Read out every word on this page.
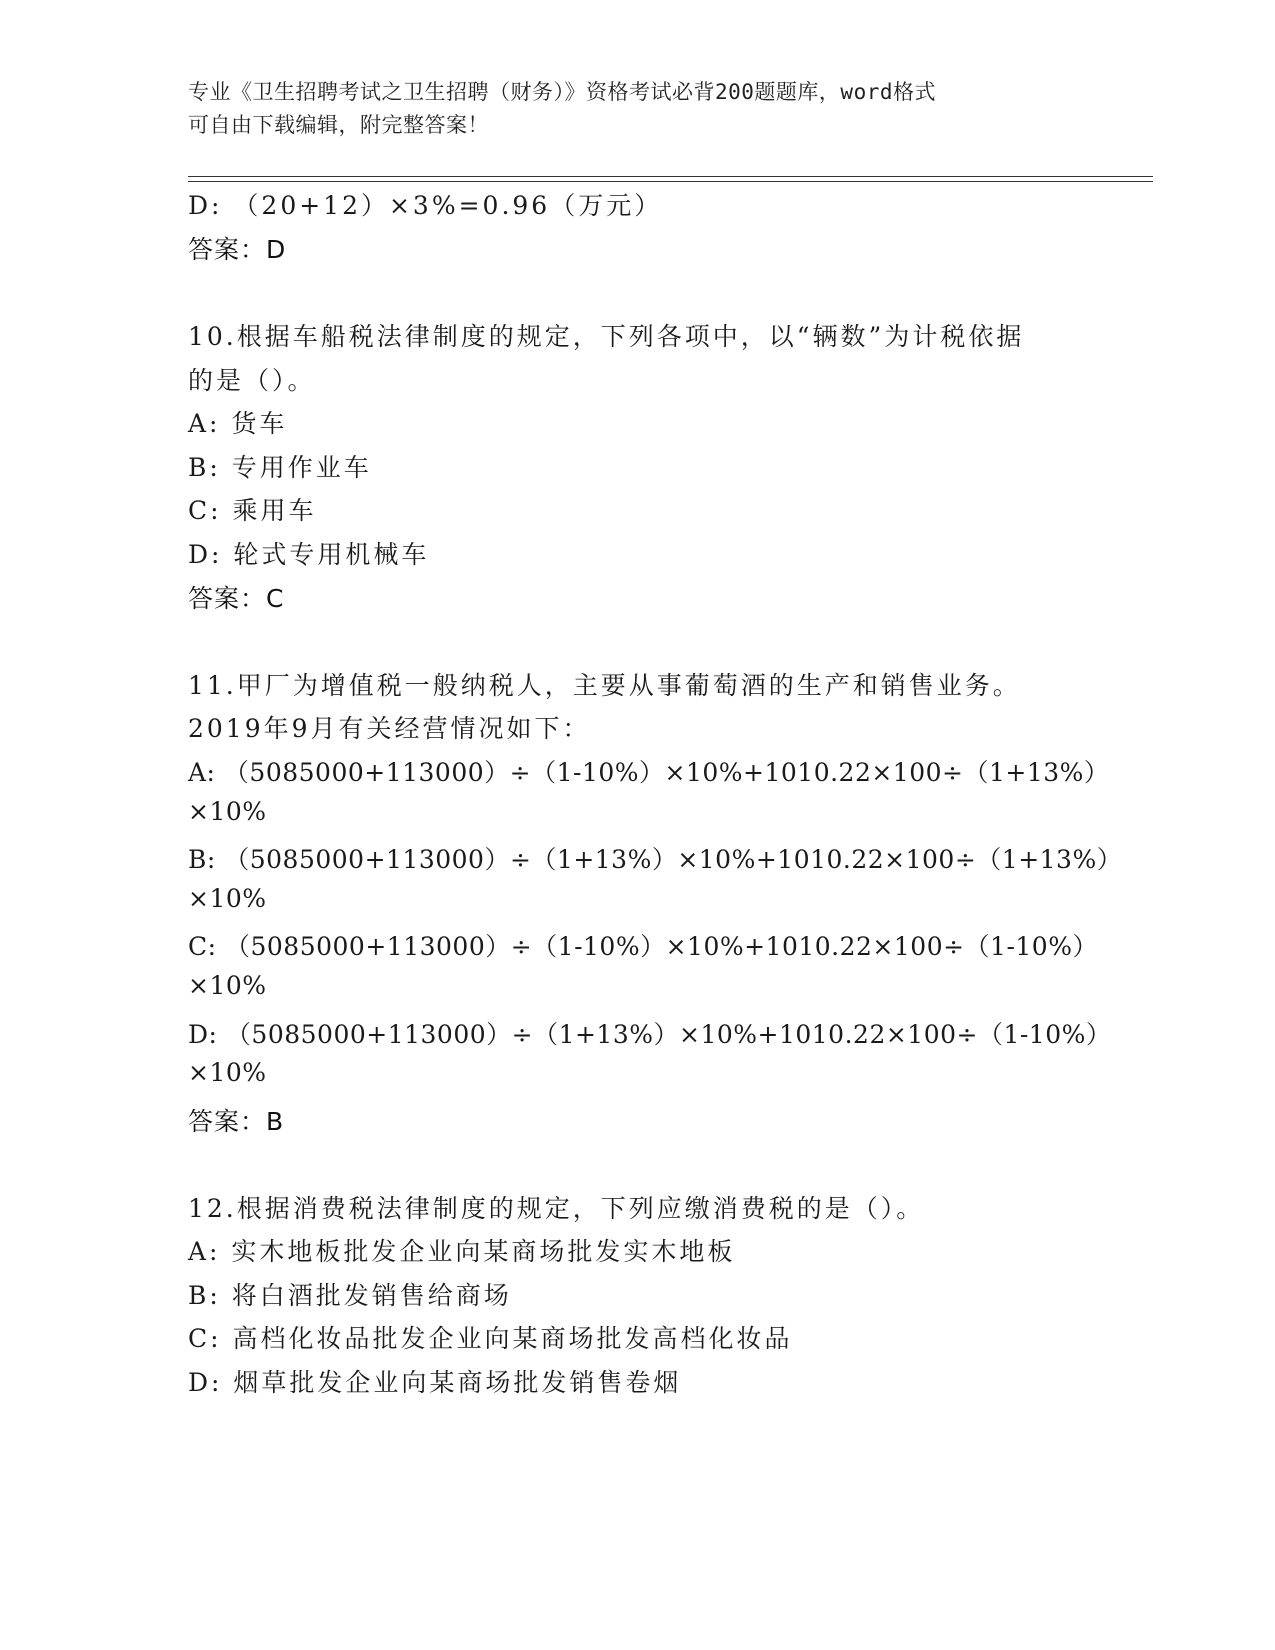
专业《卫生招聘考试之卫生招聘（财务）》资格考试必背200题题库，word格式

可自由下载编辑，附完整答案！

D: （20+12）×3%=0.96（万元）
答案：D
10.根据车船税法律制度的规定，下列各项中，以“辆数”为计税依据
的是（）。
A: 货车
B: 专用作业车
C: 乘用车
D: 轮式专用机械车
答案：C
11.甲厂为增值税一般纳税人，主要从事葡萄酒的生产和销售业务。
2019年9月有关经营情况如下：
A: （5085000+113000）÷（1-10%）×10%+1010.22×100÷（1+13%）
×10%
B: （5085000+113000）÷（1+13%）×10%+1010.22×100÷（1+13%）
×10%
C: （5085000+113000）÷（1-10%）×10%+1010.22×100÷（1-10%）
×10%
D: （5085000+113000）÷（1+13%）×10%+1010.22×100÷（1-10%）
×10%
答案：B
12.根据消费税法律制度的规定，下列应缴消费税的是（）。
A: 实木地板批发企业向某商场批发实木地板
B: 将白酒批发销售给商场
C: 高档化妆品批发企业向某商场批发高档化妆品
D: 烟草批发企业向某商场批发销售卷烟
